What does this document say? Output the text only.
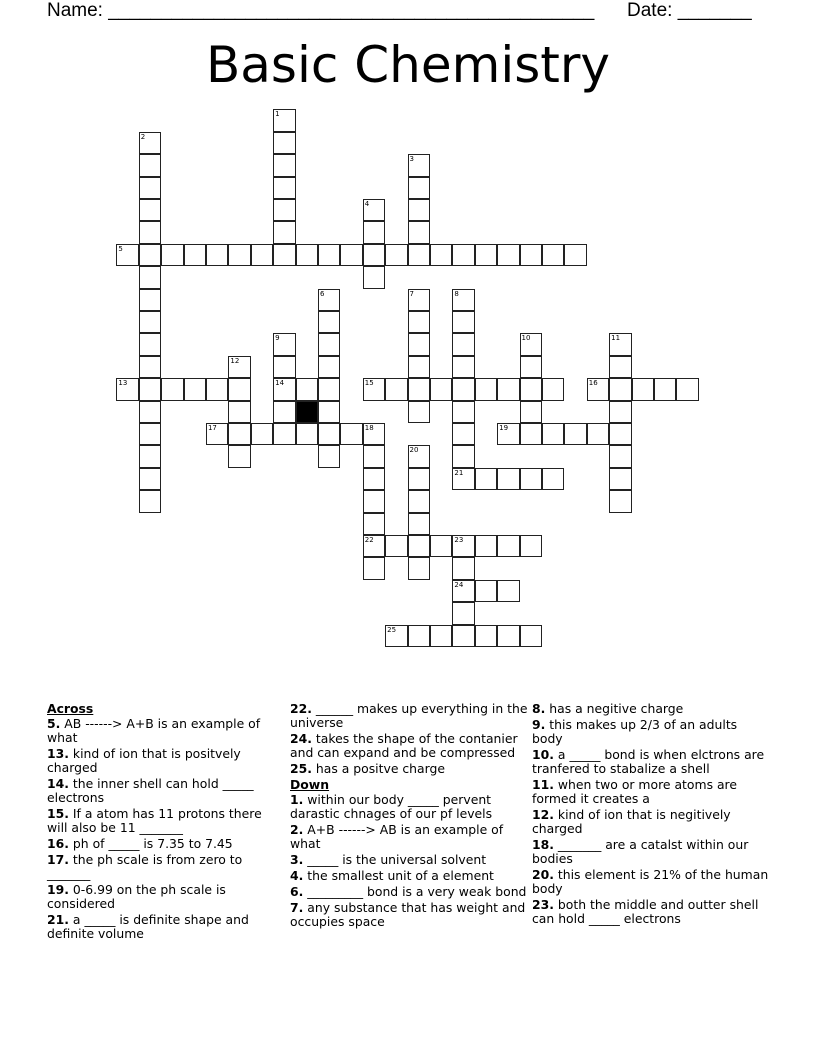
Name: ______________________________________________ Date: _______
Basic Chemistry
1
2
3
4
5
6	7	8
9
14
10	11
12
13	15	16
17	18
22
19
20
21
23
24
25
Across
5. AB ------> A+B is an example of what
13. kind of ion that is positvely charged
14. the inner shell can hold _____ electrons
15. If a atom has 11 protons there will also be 11 _______
16. ph of _____ is 7.35 to 7.45
17. the ph scale is from zero to _______
19. 0-6.99 on the ph scale is considered
21. a _____ is definite shape and definite volume
22. ______ makes up everything in the universe
24. takes the shape of the contanier and can expand and be compressed
25. has a positve charge
Down
1. within our body _____ pervent darastic chnages of our pf levels
2. A+B ------> AB is an example of what
3. _____ is the universal solvent
4. the smallest unit of a element
6. _________ bond is a very weak bond
7. any substance that has weight and occupies space
8. has a negitive charge
9. this makes up 2/3 of an adults body
10. a _____ bond is when elctrons are tranfered to stabalize a shell
11. when two or more atoms are formed it creates a
12. kind of ion that is negitively charged
18. _______ are a catalst within our bodies
20. this element is 21% of the human body
23. both the middle and outter shell can hold _____ electrons
